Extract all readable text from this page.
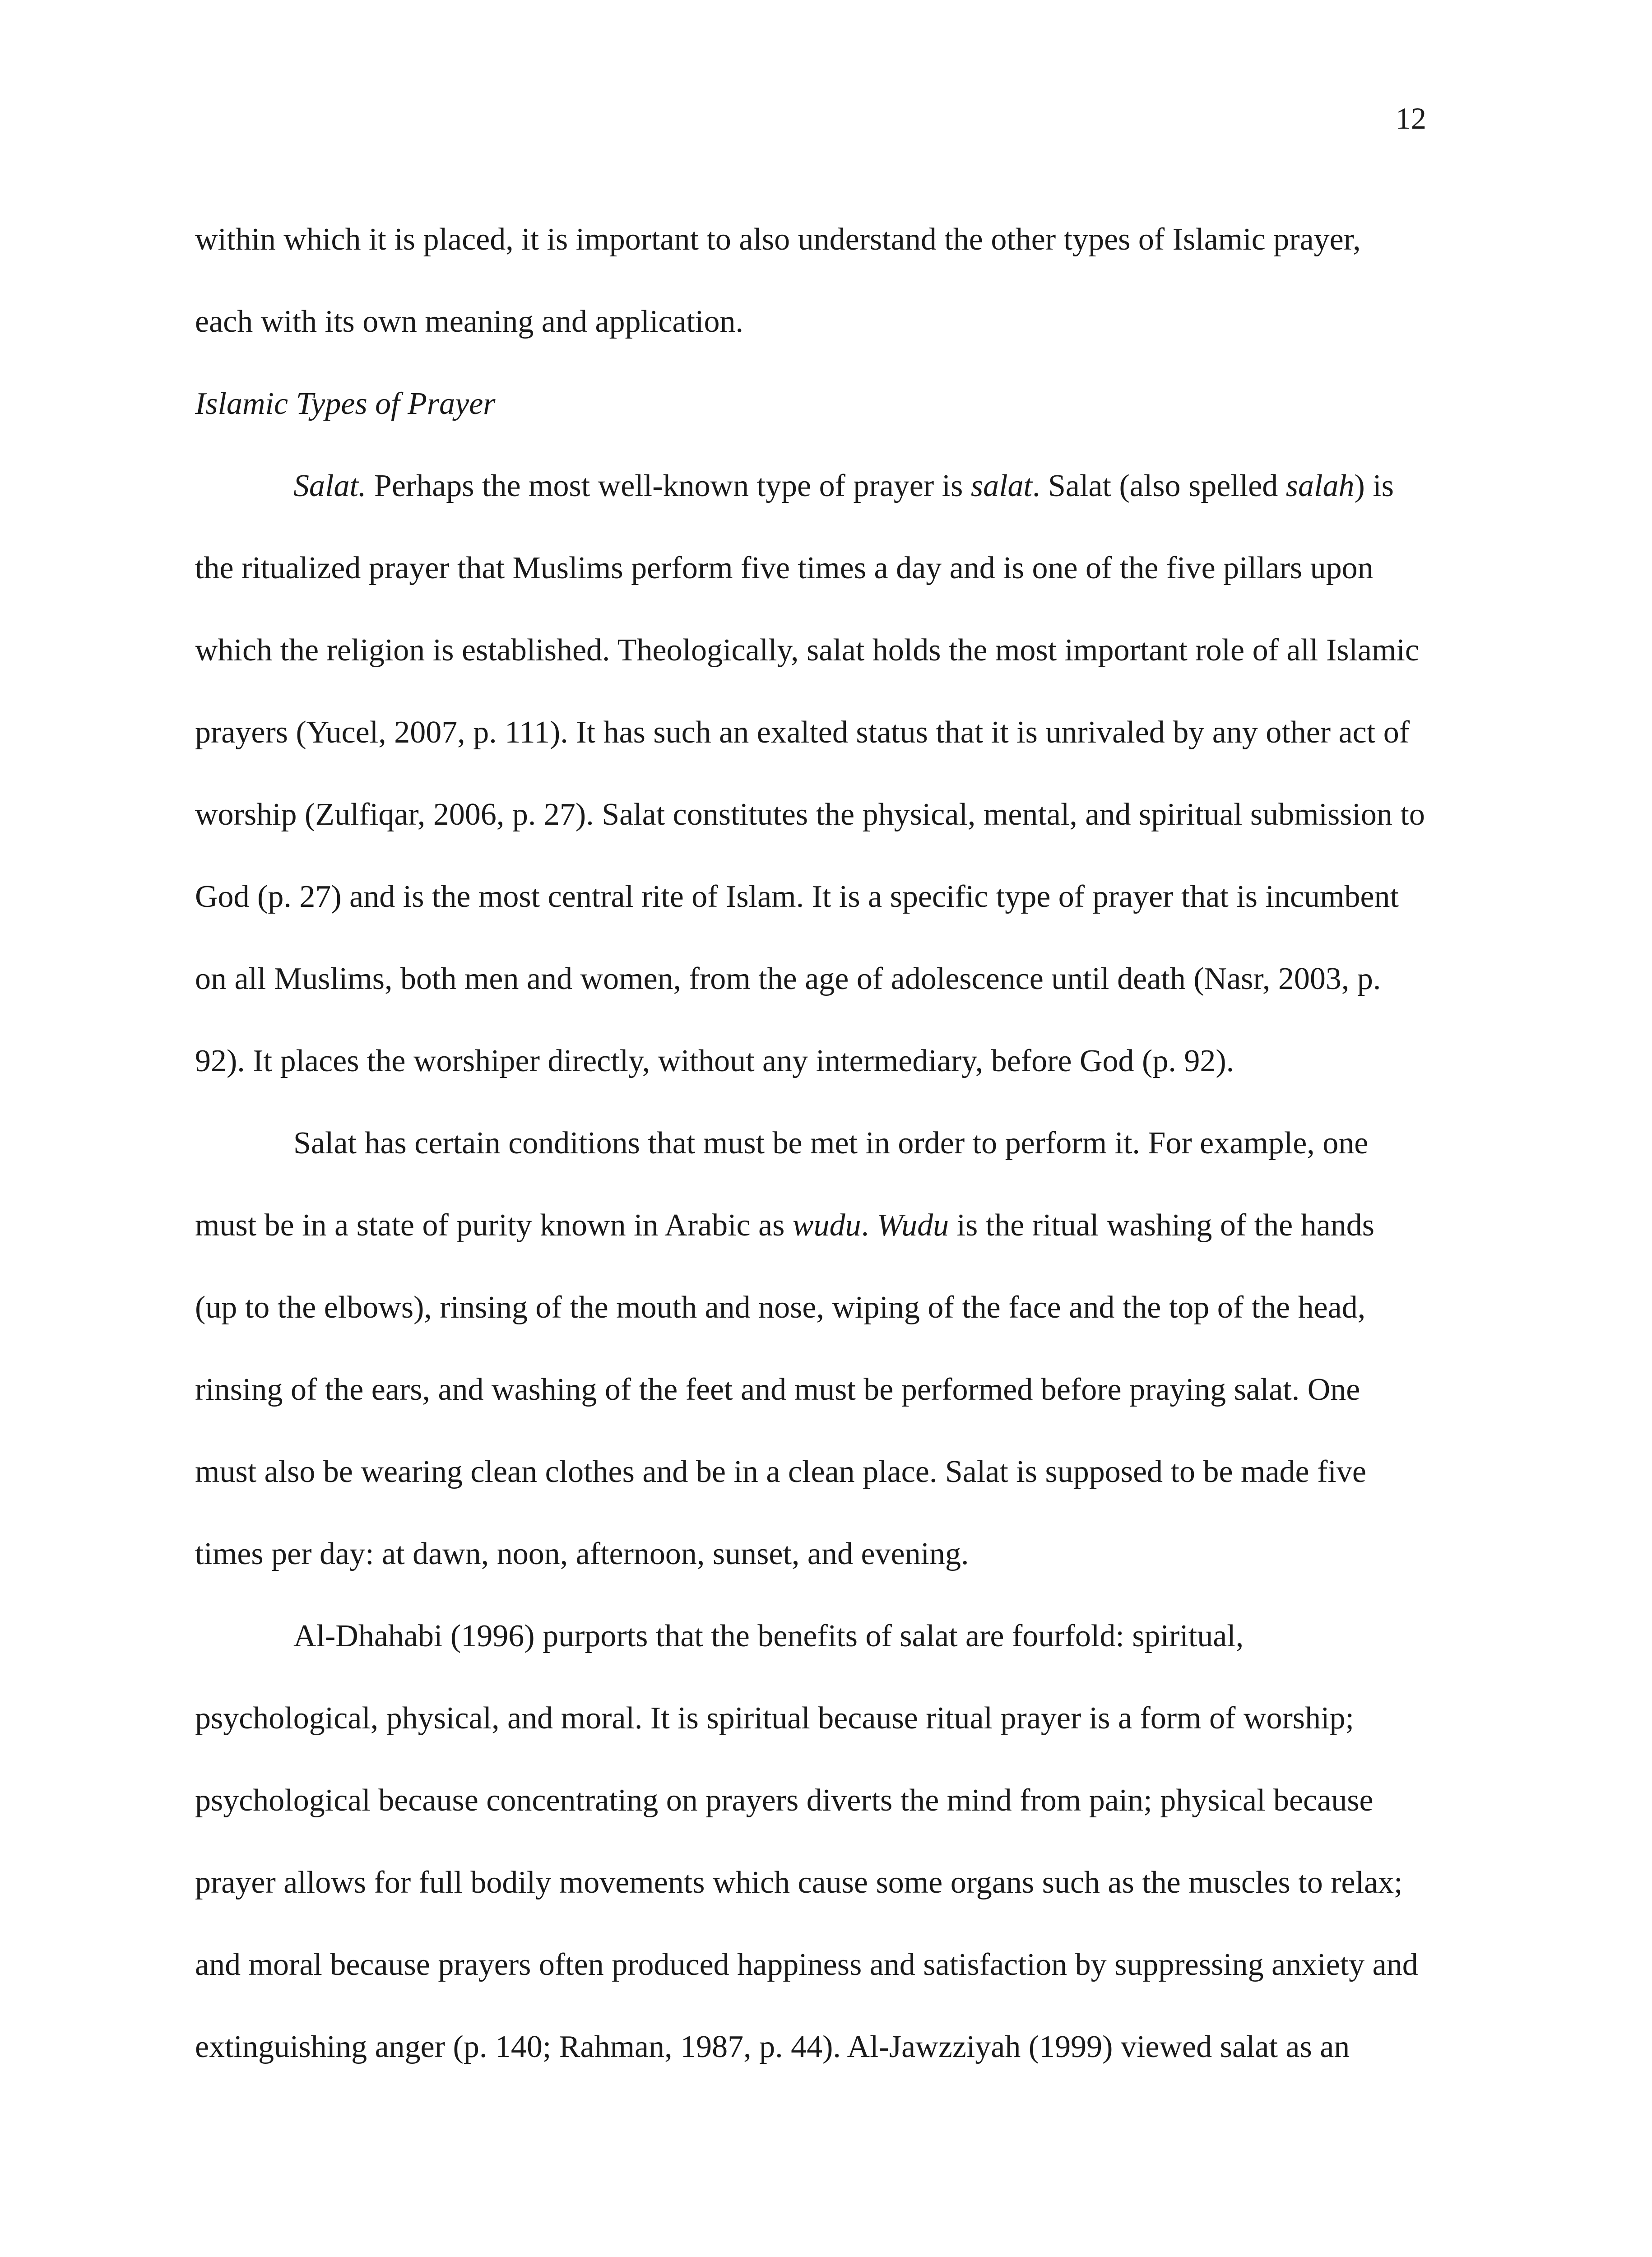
12
within which it is placed, it is important to also understand the other types of Islamic prayer,
each with its own meaning and application.
Islamic Types of Prayer
Salat. Perhaps the most well-known type of prayer is salat. Salat (also spelled salah) is
the ritualized prayer that Muslims perform five times a day and is one of the five pillars upon
which the religion is established. Theologically, salat holds the most important role of all Islamic
prayers (Yucel, 2007, p. 111). It has such an exalted status that it is unrivaled by any other act of
worship (Zulfiqar, 2006, p. 27). Salat constitutes the physical, mental, and spiritual submission to
God (p. 27) and is the most central rite of Islam. It is a specific type of prayer that is incumbent
on all Muslims, both men and women, from the age of adolescence until death (Nasr, 2003, p.
92). It places the worshiper directly, without any intermediary, before God (p. 92).
Salat has certain conditions that must be met in order to perform it. For example, one
must be in a state of purity known in Arabic as wudu. Wudu is the ritual washing of the hands
(up to the elbows), rinsing of the mouth and nose, wiping of the face and the top of the head,
rinsing of the ears, and washing of the feet and must be performed before praying salat. One
must also be wearing clean clothes and be in a clean place. Salat is supposed to be made five
times per day: at dawn, noon, afternoon, sunset, and evening.
Al-Dhahabi (1996) purports that the benefits of salat are fourfold: spiritual,
psychological, physical, and moral. It is spiritual because ritual prayer is a form of worship;
psychological because concentrating on prayers diverts the mind from pain; physical because
prayer allows for full bodily movements which cause some organs such as the muscles to relax;
and moral because prayers often produced happiness and satisfaction by suppressing anxiety and
extinguishing anger (p. 140; Rahman, 1987, p. 44). Al-Jawzziyah (1999) viewed salat as an
